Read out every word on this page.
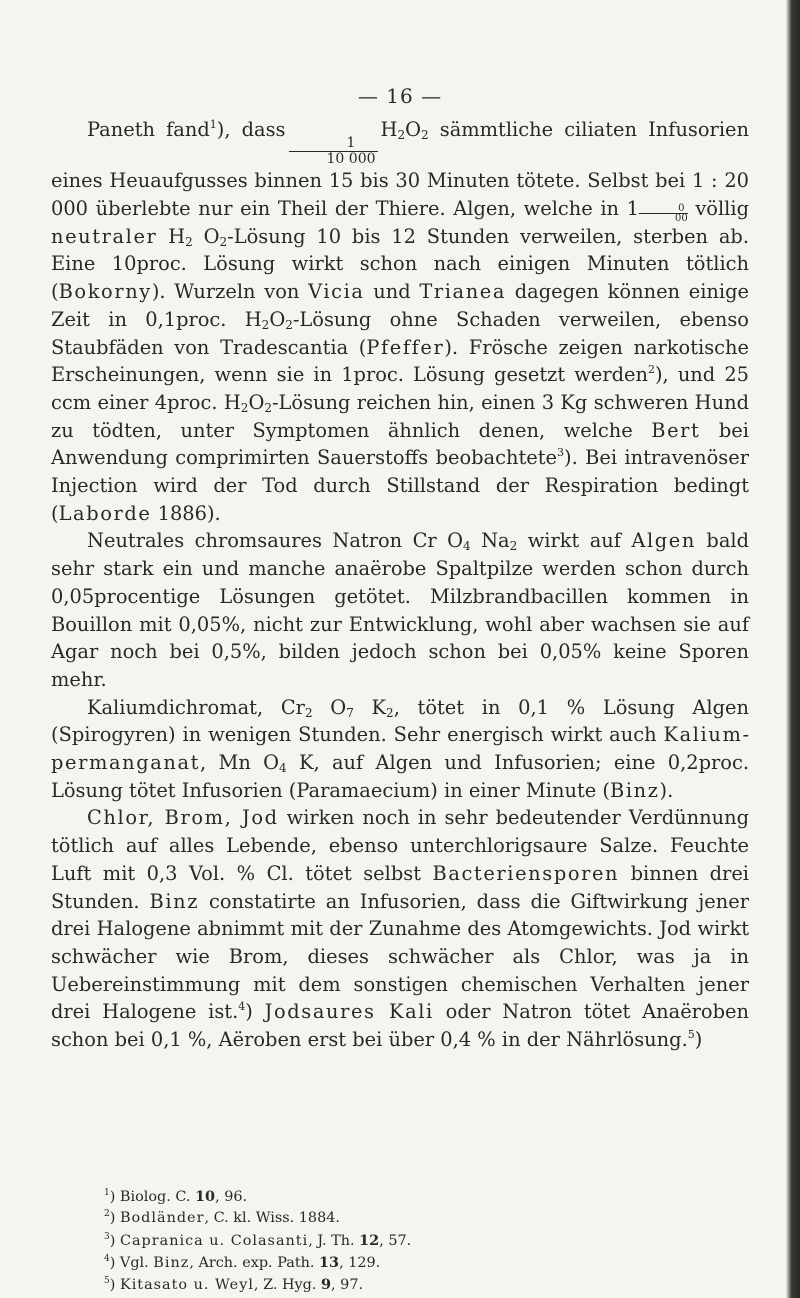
— 16 —

Paneth fand$^1$), dass
$\frac{1}{10 000}$
$H_2O_2$ sämmtliche ciliaten Infusorien eines Heuaufgusses binnen 15 bis 30 Minuten tötete. Selbst bei 1 : 20 000 überlebte nur ein Theil der Thiere. Algen, welche in $1 \frac{0}{00}$ völlig neutraler $H_2$ $O_2$-Lösung 10 bis 12 Stunden verweilen, sterben ab. Eine 10proc. Lösung wirkt schon nach einigen Minuten tötlich (Bokorny). Wurzeln von Vicia und Trianea dagegen können einige Zeit in 0,1proc. $H_2O_2$-Lösung ohne Schaden verweilen, ebenso Staubfäden von Tradescantia (Pfeffer). Frösche zeigen narkotische Erscheinungen, wenn sie in 1proc. Lösung gesetzt werden$^2$), und 25 ccm einer 4proc. $H_2O_2$-Lösung reichen hin, einen 3 Kg schweren Hund zu tödten, unter Symptomen ähnlich denen, welche Bert bei Anwendung comprimirten Sauerstoffs beobachtete$^3$). Bei intravenöser Injection wird der Tod durch Stillstand der Respiration bedingt (Laborde 1886).

Neutrales chromsaures Natron Cr $O_4$ $Na_2$ wirkt auf Algen bald sehr stark ein und manche anaërobe Spaltpilze werden schon durch 0,05procentige Lösungen getötet. Milzbrandbacillen kommen in Bouillon mit 0,05%, nicht zur Entwicklung, wohl aber wachsen sie auf Agar noch bei 0,5%, bilden jedoch schon bei 0,05% keine Sporen mehr.

Kaliumdichromat, $Cr_2$ $O_7$ $K_2$, tötet in 0,1 % Lösung Algen (Spirogyren) in wenigen Stunden. Sehr energisch wirkt auch Kaliumpermanganat, Mn $O_4$ K, auf Algen und Infusorien; eine 0,2proc. Lösung tötet Infusorien (Paramaecium) in einer Minute (Binz).

Chlor, Brom, Jod wirken noch in sehr bedeutender Verdünnung tötlich auf alles Lebende, ebenso unterchlorigsaure Salze. Feuchte Luft mit 0,3 Vol. % Cl. tötet selbst Bacteriensporen binnen drei Stunden. Binz constatirte an Infusorien, dass die Giftwirkung jener drei Halogene abnimmt mit der Zunahme des Atomgewichts. Jod wirkt schwächer wie Brom, dieses schwächer als Chlor, was ja in Uebereinstimmung mit dem sonstigen chemischen Verhalten jener drei Halogene ist.$^4$) Jodsaures Kali oder Natron tötet Anaëroben schon bei 0,1 %, Aëroben erst bei über 0,4 % in der Nährlösung.$^5$)

$^1$) Biolog. C. 10, 96.

$^2$) Bodländer, C. kl. Wiss. 1884.

$^3$) Capranica u. Colasanti, J. Th. 12, 57.

$^4$) Vgl. Binz, Arch. exp. Path. 13, 129.

$^5$) Kitasato u. Weyl, Z. Hyg. 9, 97.
